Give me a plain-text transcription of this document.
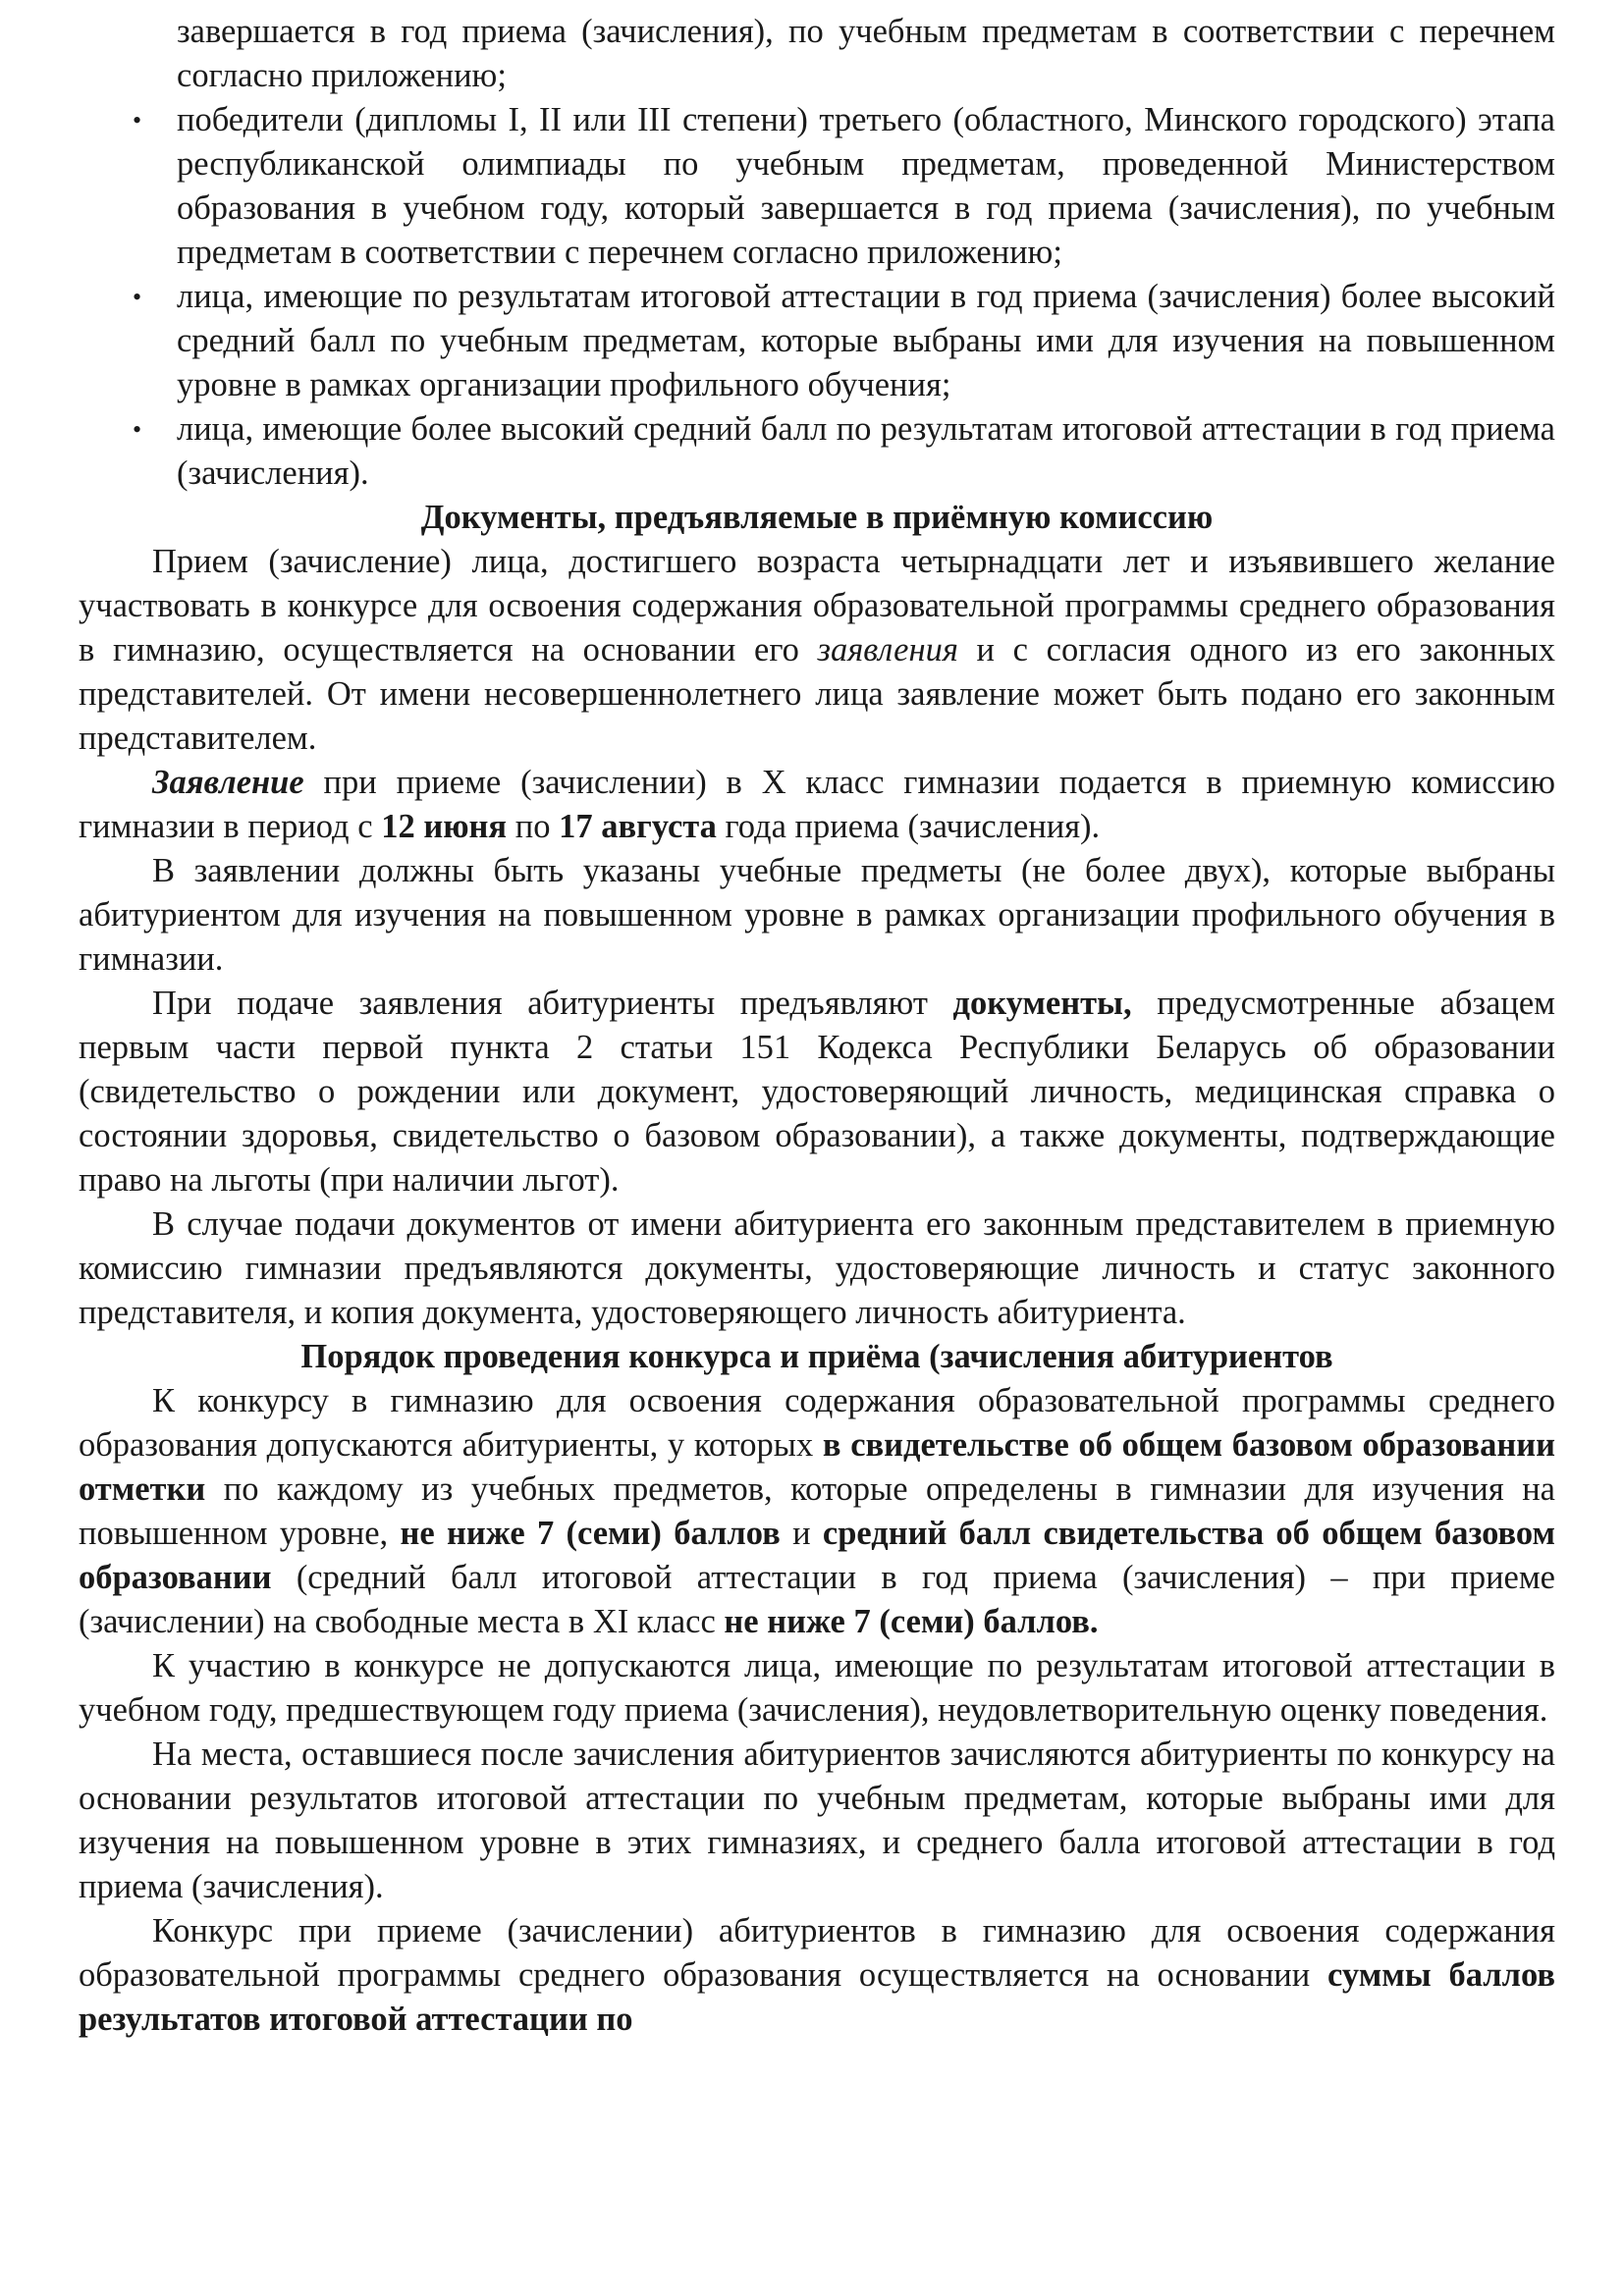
завершается в год приема (зачисления), по учебным предметам в соответствии с перечнем согласно приложению;

• победители (дипломы I, II или III степени) третьего (областного, Минского городского) этапа республиканской олимпиады по учебным предметам, проведенной Министерством образования в учебном году, который завершается в год приема (зачисления), по учебным предметам в соответствии с перечнем согласно приложению;
• лица, имеющие по результатам итоговой аттестации в год приема (зачисления) более высокий средний балл по учебным предметам, которые выбраны ими для изучения на повышенном уровне в рамках организации профильного обучения;
• лица, имеющие более высокий средний балл по результатам итоговой аттестации в год приема (зачисления).
Документы, предъявляемые в приёмную комиссию

Прием (зачисление) лица, достигшего возраста четырнадцати лет и изъявившего желание участвовать в конкурсе для освоения содержания образовательной программы среднего образования в гимназию, осуществляется на основании его заявления и с согласия одного из его законных представителей. От имени несовершеннолетнего лица заявление может быть подано его законным представителем.

Заявление при приеме (зачислении) в X класс гимназии подается в приемную комиссию гимназии в период с 12 июня по 17 августа года приема (зачисления).

В заявлении должны быть указаны учебные предметы (не более двух), которые выбраны абитуриентом для изучения на повышенном уровне в рамках организации профильного обучения в гимназии.

При подаче заявления абитуриенты предъявляют документы, предусмотренные абзацем первым части первой пункта 2 статьи 151 Кодекса Республики Беларусь об образовании (свидетельство о рождении или документ, удостоверяющий личность, медицинская справка о состоянии здоровья, свидетельство о базовом образовании), а также документы, подтверждающие право на льготы (при наличии льгот).

В случае подачи документов от имени абитуриента его законным представителем в приемную комиссию гимназии предъявляются документы, удостоверяющие личность и статус законного представителя, и копия документа, удостоверяющего личность абитуриента.

Порядок проведения конкурса и приёма (зачисления абитуриентов

К конкурсу в гимназию для освоения содержания образовательной программы среднего образования допускаются абитуриенты, у которых в свидетельстве об общем базовом образовании отметки по каждому из учебных предметов, которые определены в гимназии для изучения на повышенном уровне, не ниже 7 (семи) баллов и средний балл свидетельства об общем базовом образовании (средний балл итоговой аттестации в год приема (зачисления) – при приеме (зачислении) на свободные места в XI класс не ниже 7 (семи) баллов.

К участию в конкурсе не допускаются лица, имеющие по результатам итоговой аттестации в учебном году, предшествующем году приема (зачисления), неудовлетворительную оценку поведения.

На места, оставшиеся после зачисления абитуриентов зачисляются абитуриенты по конкурсу на основании результатов итоговой аттестации по учебным предметам, которые выбраны ими для изучения на повышенном уровне в этих гимназиях, и среднего балла итоговой аттестации в год приема (зачисления).

Конкурс при приеме (зачислении) абитуриентов в гимназию для освоения содержания образовательной программы среднего образования осуществляется на основании суммы баллов результатов итоговой аттестации по
